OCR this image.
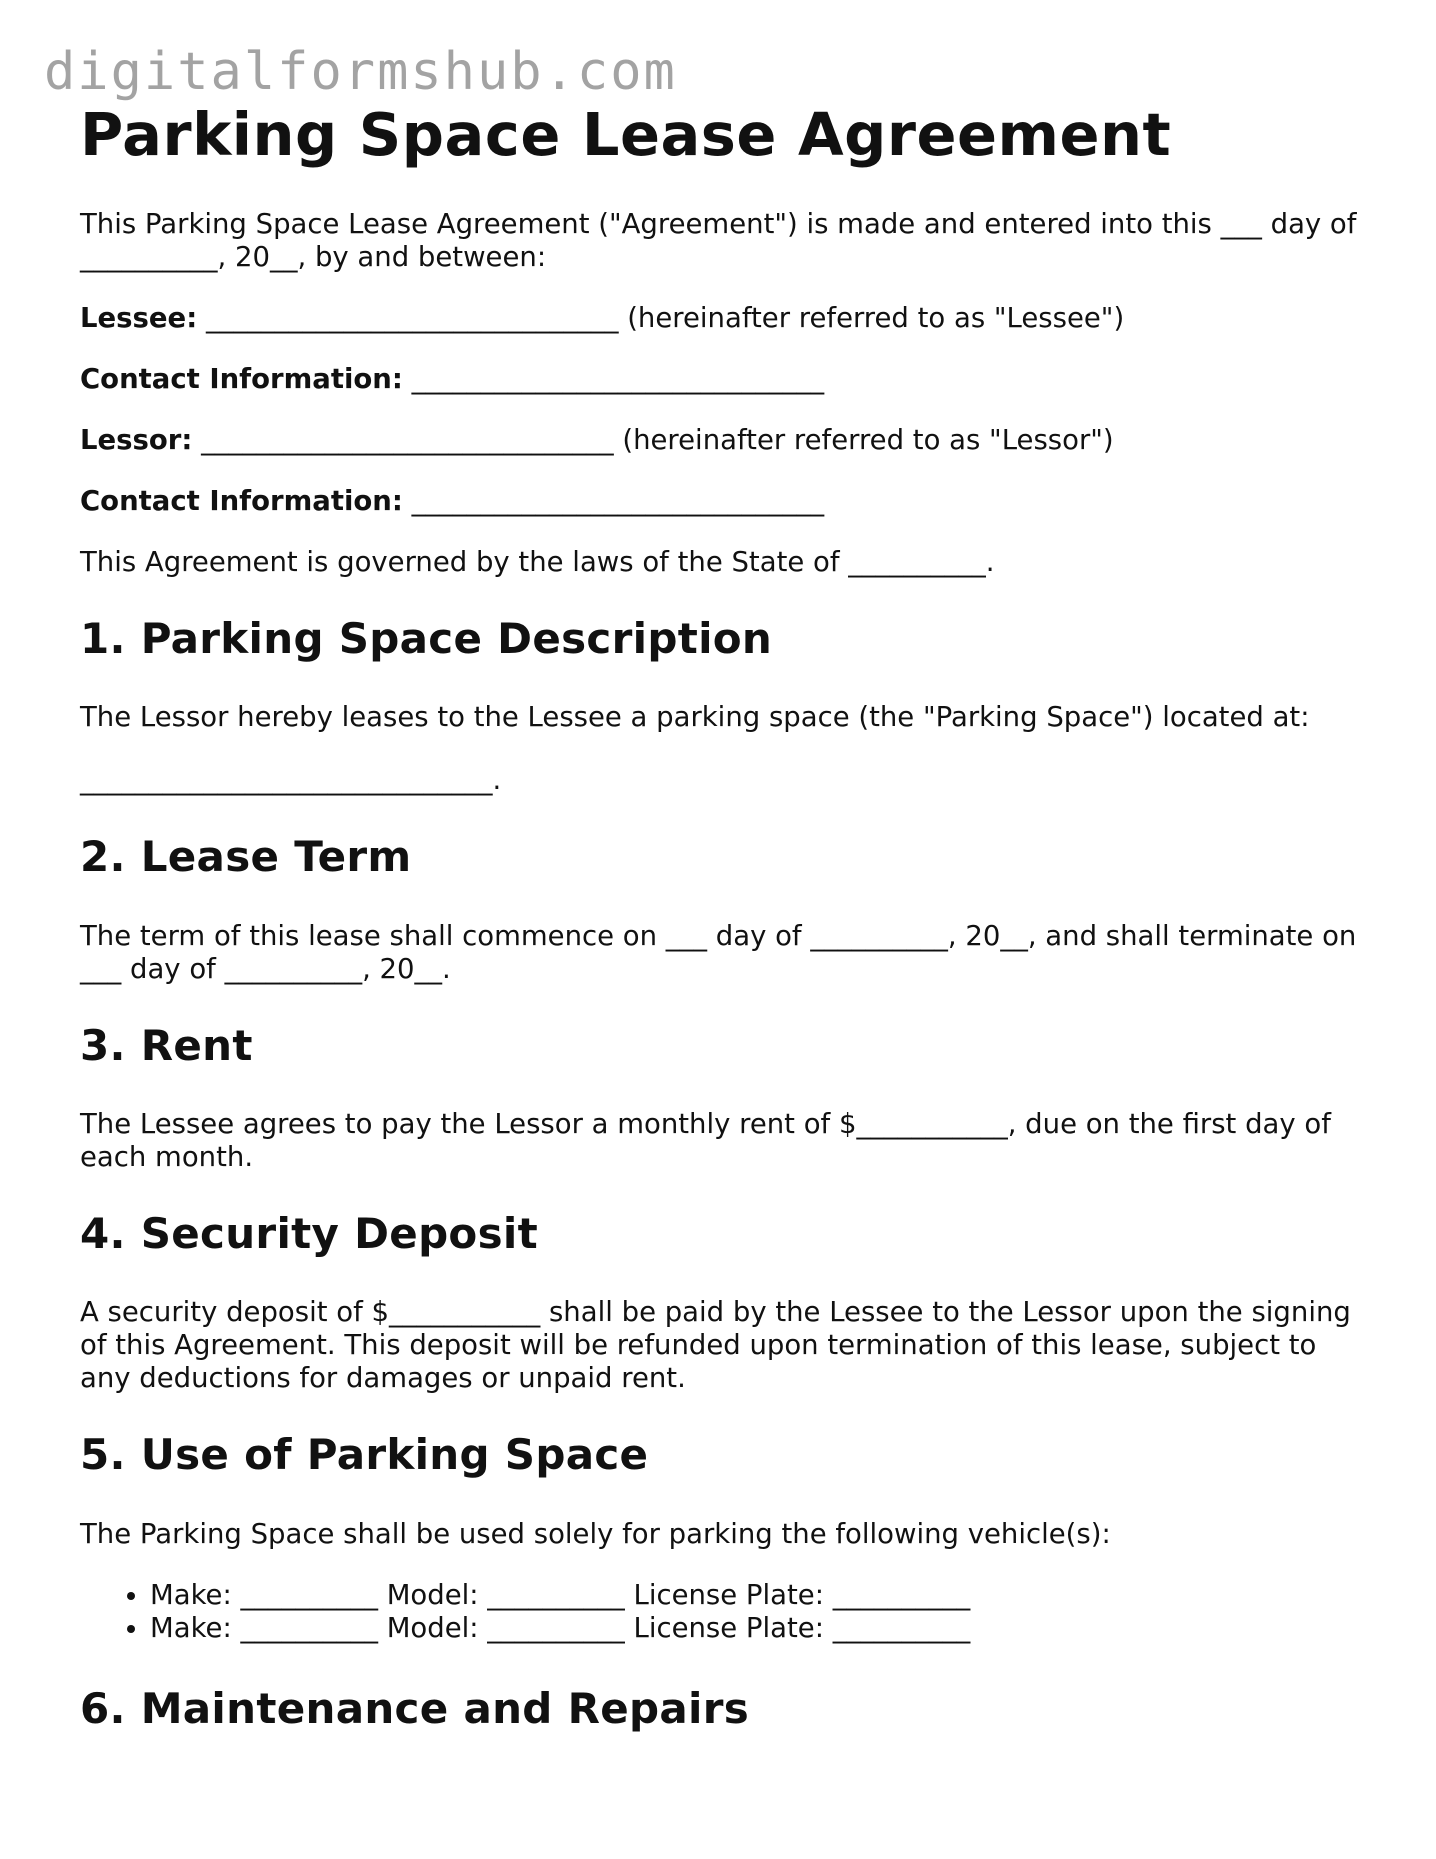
digitalformshub.com
Parking Space Lease Agreement

This Parking Space Lease Agreement ("Agreement") is made and entered into this ___ day of __________, 20__, by and between:

Lessee: ______________________________ (hereinafter referred to as "Lessee")

Contact Information: ______________________________

Lessor: ______________________________ (hereinafter referred to as "Lessor")

Contact Information: ______________________________

This Agreement is governed by the laws of the State of __________.

1. Parking Space Description

The Lessor hereby leases to the Lessee a parking space (the "Parking Space") located at:

______________________________.

2. Lease Term

The term of this lease shall commence on ___ day of __________, 20__, and shall terminate on ___ day of __________, 20__.

3. Rent

The Lessee agrees to pay the Lessor a monthly rent of $___________, due on the first day of each month.

4. Security Deposit

A security deposit of $___________ shall be paid by the Lessee to the Lessor upon the signing of this Agreement. This deposit will be refunded upon termination of this lease, subject to any deductions for damages or unpaid rent.

5. Use of Parking Space

The Parking Space shall be used solely for parking the following vehicle(s):

• Make: __________ Model: __________ License Plate: __________
• Make: __________ Model: __________ License Plate: __________
6. Maintenance and Repairs
